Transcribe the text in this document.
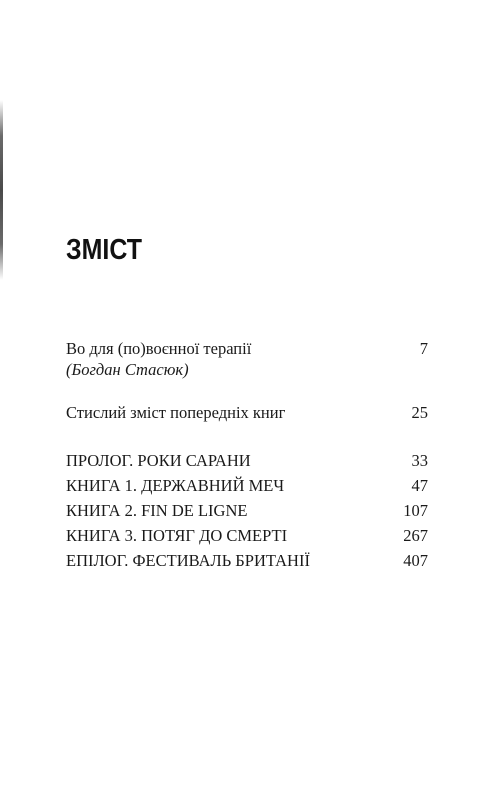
ЗМІСТ
Во для (по)воєнної терапії	7
(Богдан Стасюк)
Стислий зміст попередніх книг	25
ПРОЛОГ. РОКИ САРАНИ	33
КНИГА 1. ДЕРЖАВНИЙ МЕЧ	47
КНИГА 2. FIN DE LIGNE	107
КНИГА 3. ПОТЯГ ДО СМЕРТІ	267
ЕПІЛОГ. ФЕСТИВАЛЬ БРИТАНІЇ	407
